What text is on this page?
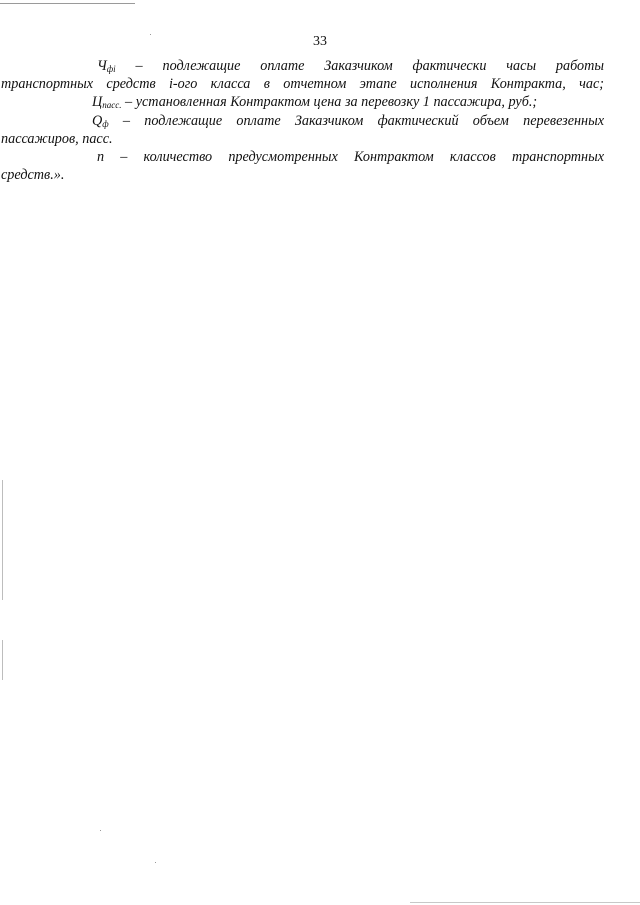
33
$Ч_{фі}$ – подлежащие оплате Заказчиком фактически часы работы
транспортных средств i-ого класса в отчетном этапе исполнения Контракта, час;
$Ц_{пасс.}$ – установленная Контрактом цена за перевозку 1 пассажира, руб.;
$Q_ф$ – подлежащие оплате Заказчиком фактический объем перевезенных
пассажиров, пасс.
n – количество предусмотренных Контрактом классов транспортных
средств.».
